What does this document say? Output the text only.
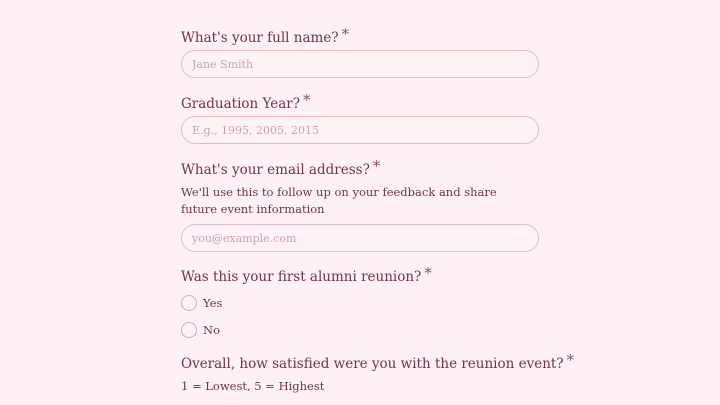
What's your full name? *
Jane Smith
Graduation Year? *
E.g., 1995, 2005, 2015
What's your email address? *
We'll use this to follow up on your feedback and share future event information
you@example.com
Was this your first alumni reunion? *
Yes
No
Overall, how satisfied were you with the reunion event? *
1 = Lowest, 5 = Highest
